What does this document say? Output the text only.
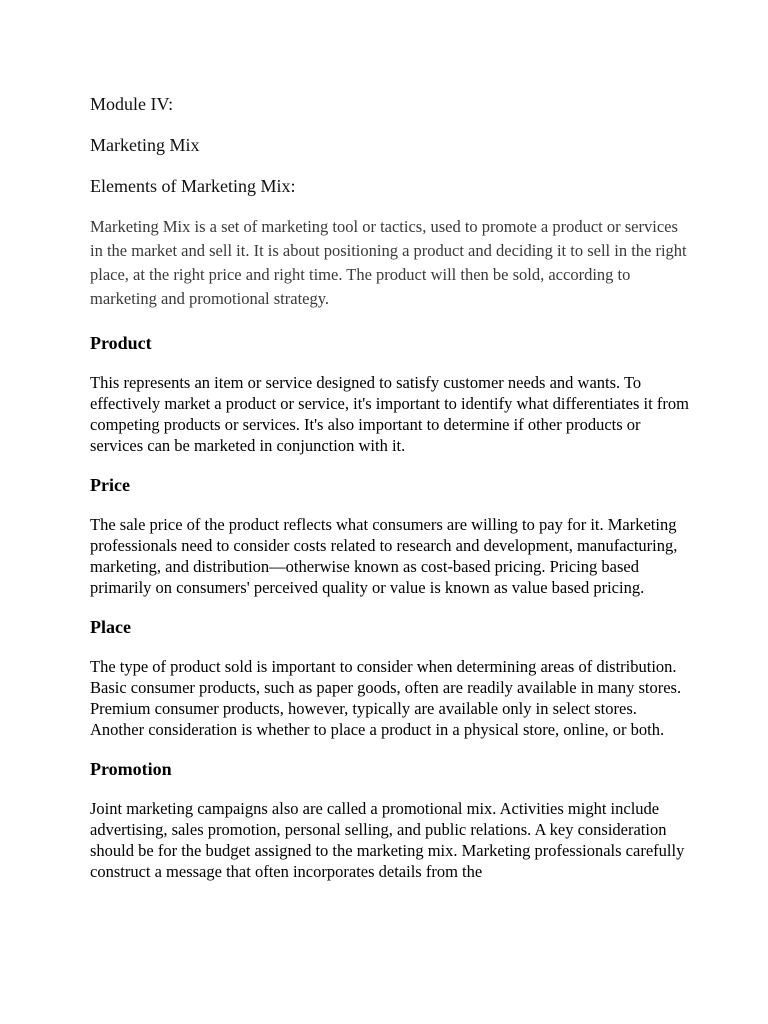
Module IV:
Marketing Mix
Elements of Marketing Mix:

Marketing Mix is a set of marketing tool or tactics, used to promote a product or services in the market and sell it. It is about positioning a product and deciding it to sell in the right place, at the right price and right time. The product will then be sold, according to marketing and promotional strategy.

Product

This represents an item or service designed to satisfy customer needs and wants. To effectively market a product or service, it's important to identify what differentiates it from competing products or services. It's also important to determine if other products or services can be marketed in conjunction with it.

Price

The sale price of the product reflects what consumers are willing to pay for it. Marketing professionals need to consider costs related to research and development, manufacturing, marketing, and distribution—otherwise known as cost-based pricing. Pricing based primarily on consumers' perceived quality or value is known as value based pricing.

Place

The type of product sold is important to consider when determining areas of distribution. Basic consumer products, such as paper goods, often are readily available in many stores. Premium consumer products, however, typically are available only in select stores. Another consideration is whether to place a product in a physical store, online, or both.

Promotion

Joint marketing campaigns also are called a promotional mix. Activities might include advertising, sales promotion, personal selling, and public relations. A key consideration should be for the budget assigned to the marketing mix. Marketing professionals carefully construct a message that often incorporates details from the
